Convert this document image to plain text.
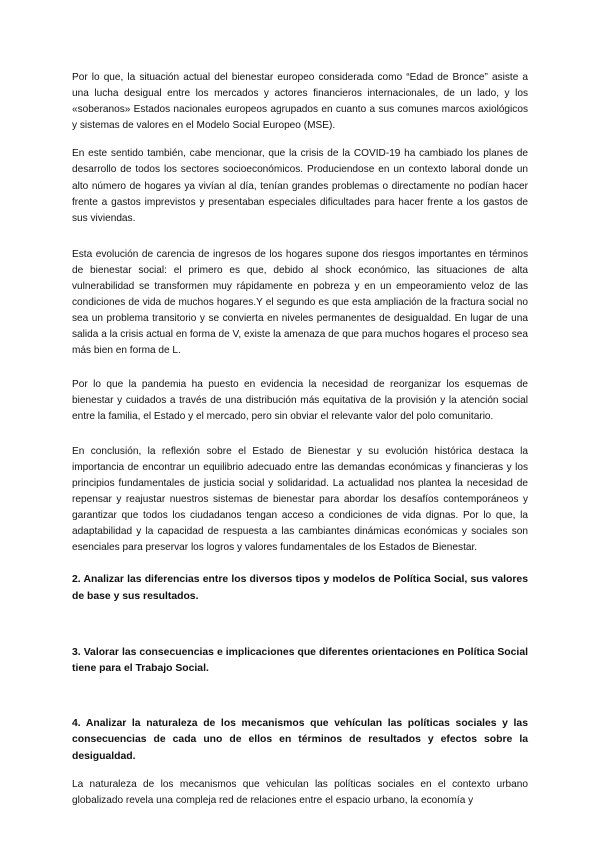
Por lo que, la situación actual del bienestar europeo considerada como “Edad de Bronce” asiste a una lucha desigual entre los mercados y actores financieros internacionales, de un lado, y los «soberanos» Estados nacionales europeos agrupados en cuanto a sus comunes marcos axiológicos y sistemas de valores en el Modelo Social Europeo (MSE).

En este sentido también, cabe mencionar, que la crisis de la COVID-19 ha cambiado los planes de desarrollo de todos los sectores socioeconómicos. Produciendose en un contexto laboral donde un alto número de hogares ya vivían al día, tenían grandes problemas o directamente no podían hacer frente a gastos imprevistos y presentaban especiales dificultades para hacer frente a los gastos de sus viviendas.

Esta evolución de carencia de ingresos de los hogares supone dos riesgos importantes en términos de bienestar social: el primero es que, debido al shock económico, las situaciones de alta vulnerabilidad se transformen muy rápidamente en pobreza y en un empeoramiento veloz de las condiciones de vida de muchos hogares.Y el segundo es que esta ampliación de la fractura social no sea un problema transitorio y se convierta en niveles permanentes de desigualdad. En lugar de una salida a la crisis actual en forma de V, existe la amenaza de que para muchos hogares el proceso sea más bien en forma de L.

Por lo que la pandemia ha puesto en evidencia la necesidad de reorganizar los esquemas de bienestar y cuidados a través de una distribución más equitativa de la provisión y la atención social entre la familia, el Estado y el mercado, pero sin obviar el relevante valor del polo comunitario.

En conclusión, la reflexión sobre el Estado de Bienestar y su evolución histórica destaca la importancia de encontrar un equilibrio adecuado entre las demandas económicas y financieras y los principios fundamentales de justicia social y solidaridad. La actualidad nos plantea la necesidad de repensar y reajustar nuestros sistemas de bienestar para abordar los desafíos contemporáneos y garantizar que todos los ciudadanos tengan acceso a condiciones de vida dignas. Por lo que, la adaptabilidad y la capacidad de respuesta a las cambiantes dinámicas económicas y sociales son esenciales para preservar los logros y valores fundamentales de los Estados de Bienestar.

2. Analizar las diferencias entre los diversos tipos y modelos de Política Social, sus valores de base y sus resultados.

3. Valorar las consecuencias e implicaciones que diferentes orientaciones en Política Social tiene para el Trabajo Social.

4. Analizar la naturaleza de los mecanismos que vehículan las políticas sociales y las consecuencias de cada uno de ellos en términos de resultados y efectos sobre la desigualdad.

La naturaleza de los mecanismos que vehiculan las políticas sociales en el contexto urbano globalizado revela una compleja red de relaciones entre el espacio urbano, la economía y
